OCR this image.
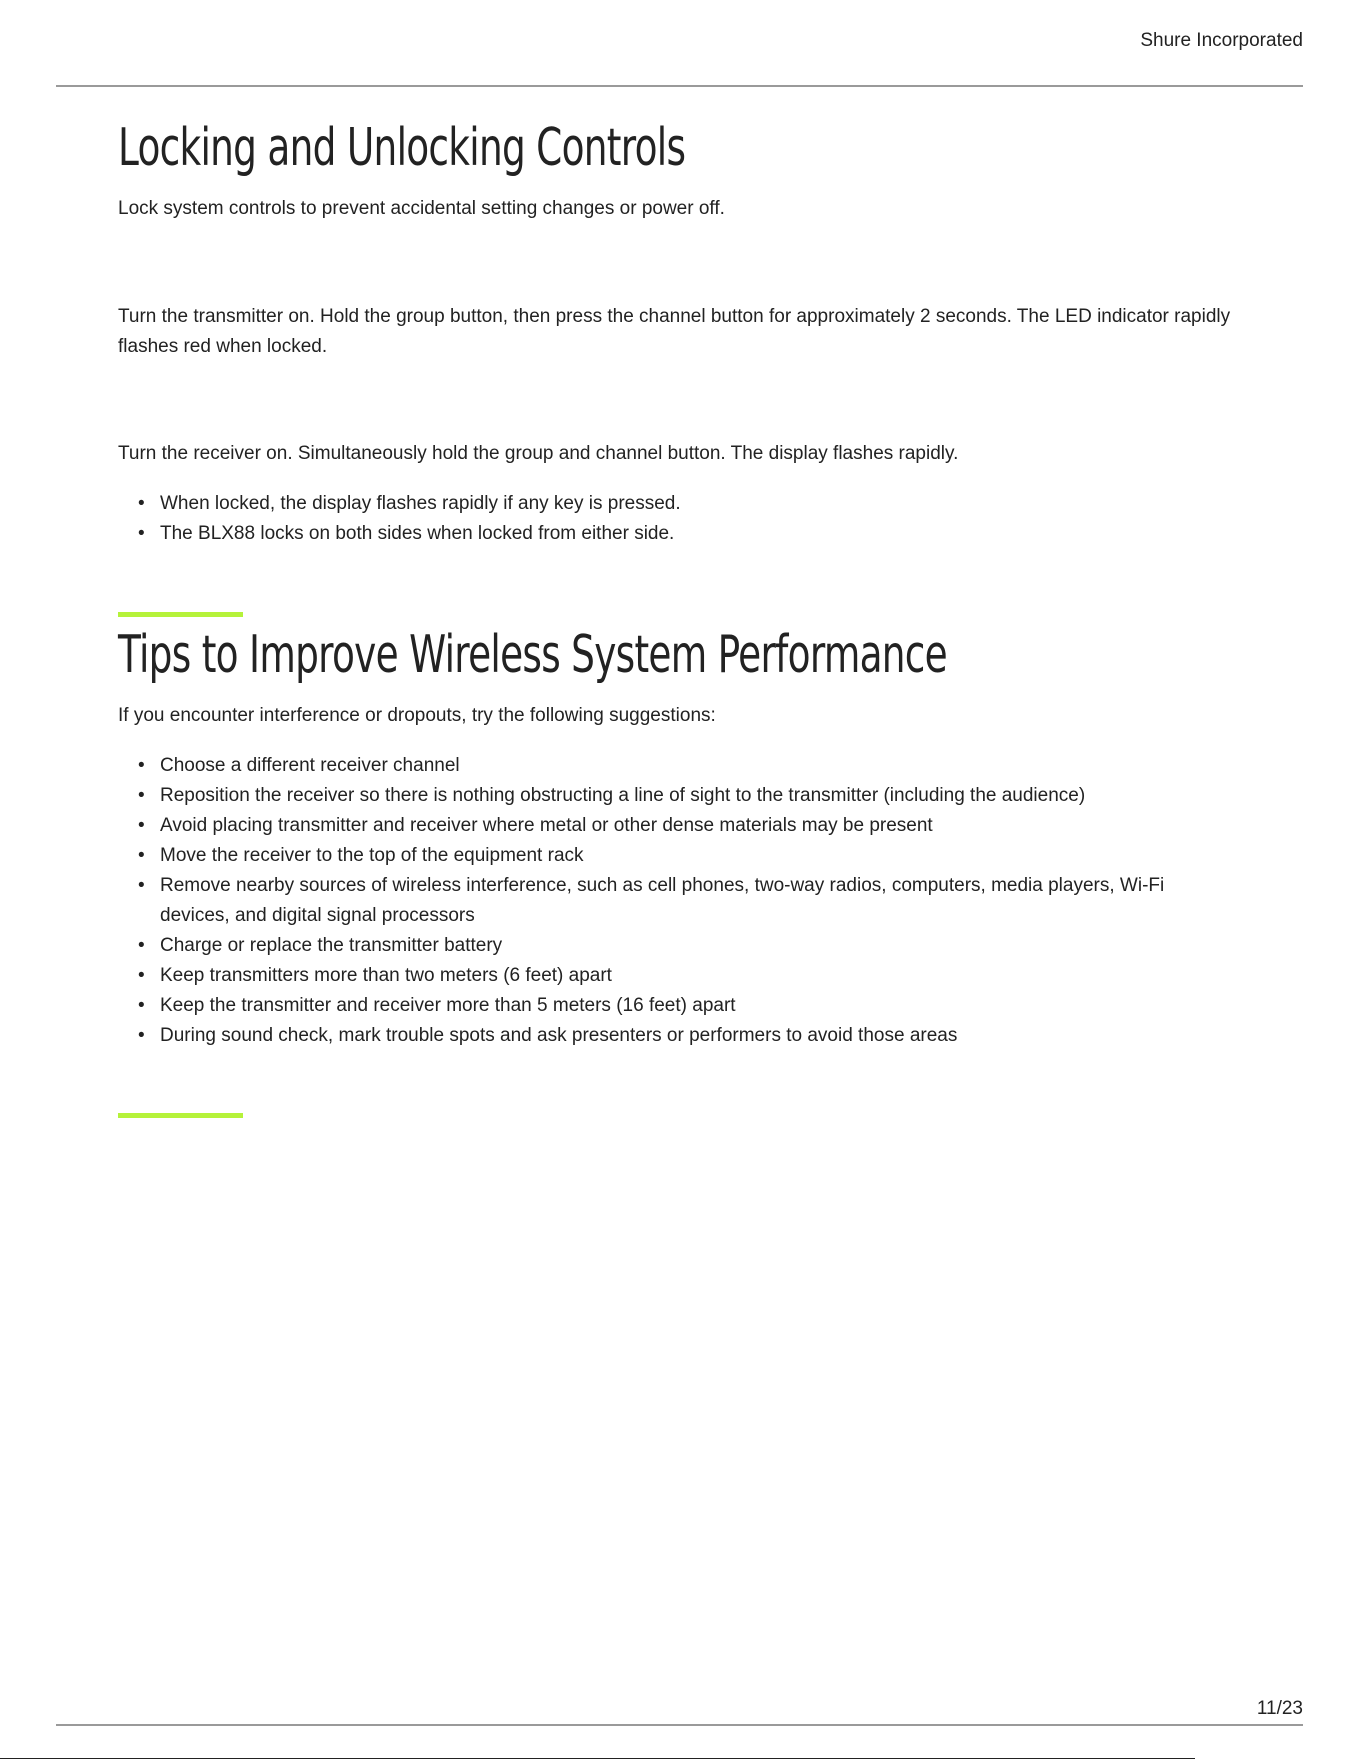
Shure Incorporated
Locking and Unlocking Controls

Lock system controls to prevent accidental setting changes or power off.

Turn the transmitter on. Hold the group button, then press the channel button for approximately 2 seconds. The LED indicator rapidly flashes red when locked.

Turn the receiver on. Simultaneously hold the group and channel button. The display flashes rapidly.

• When locked, the display flashes rapidly if any key is pressed.
• The BLX88 locks on both sides when locked from either side.
Tips to Improve Wireless System Performance

If you encounter interference or dropouts, try the following suggestions:

• Choose a different receiver channel
• Reposition the receiver so there is nothing obstructing a line of sight to the transmitter (including the audience)
• Avoid placing transmitter and receiver where metal or other dense materials may be present
• Move the receiver to the top of the equipment rack
• Remove nearby sources of wireless interference, such as cell phones, two-way radios, computers, media players, Wi-Fi devices, and digital signal processors
• Charge or replace the transmitter battery
• Keep transmitters more than two meters (6 feet) apart
• Keep the transmitter and receiver more than 5 meters (16 feet) apart
• During sound check, mark trouble spots and ask presenters or performers to avoid those areas
11/23
